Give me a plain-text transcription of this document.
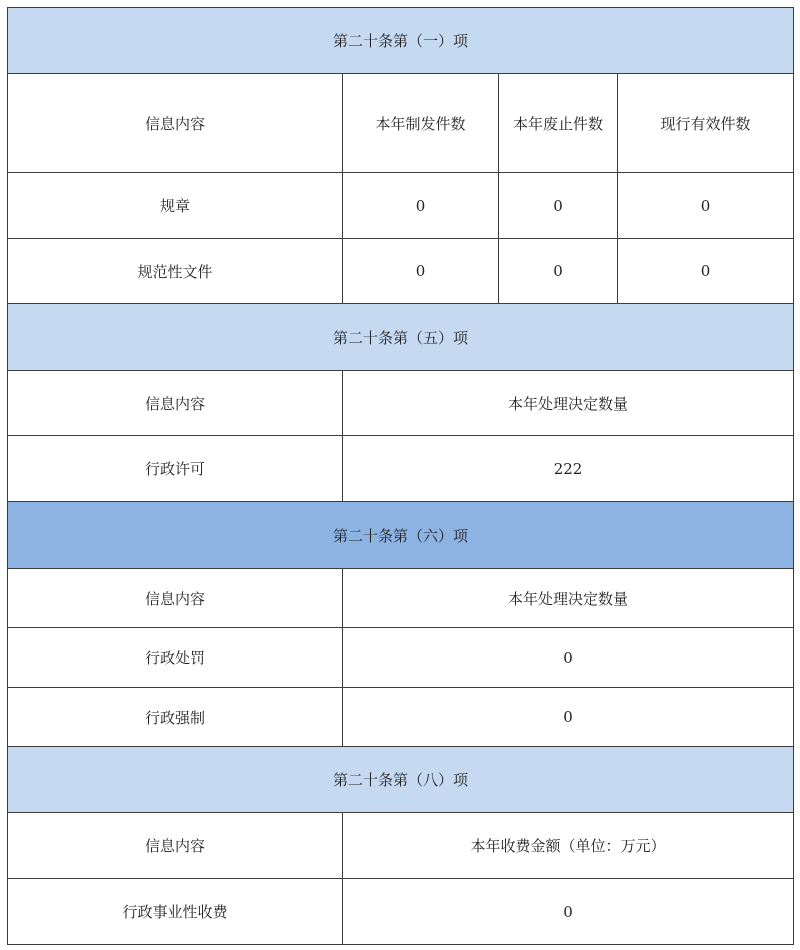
第二十条第（一）项			
信息内容	本年制发件数	本年废止件数	现行有效件数
规章	0	0	0
规范性文件	0	0	0
第二十条第（五）项	
信息内容	本年处理决定数量
行政许可	222
第二十条第（六）项	
信息内容	本年处理决定数量
行政处罚	0
行政强制	0
第二十条第（八）项	
信息内容	本年收费金额（单位：万元）
行政事业性收费	0
